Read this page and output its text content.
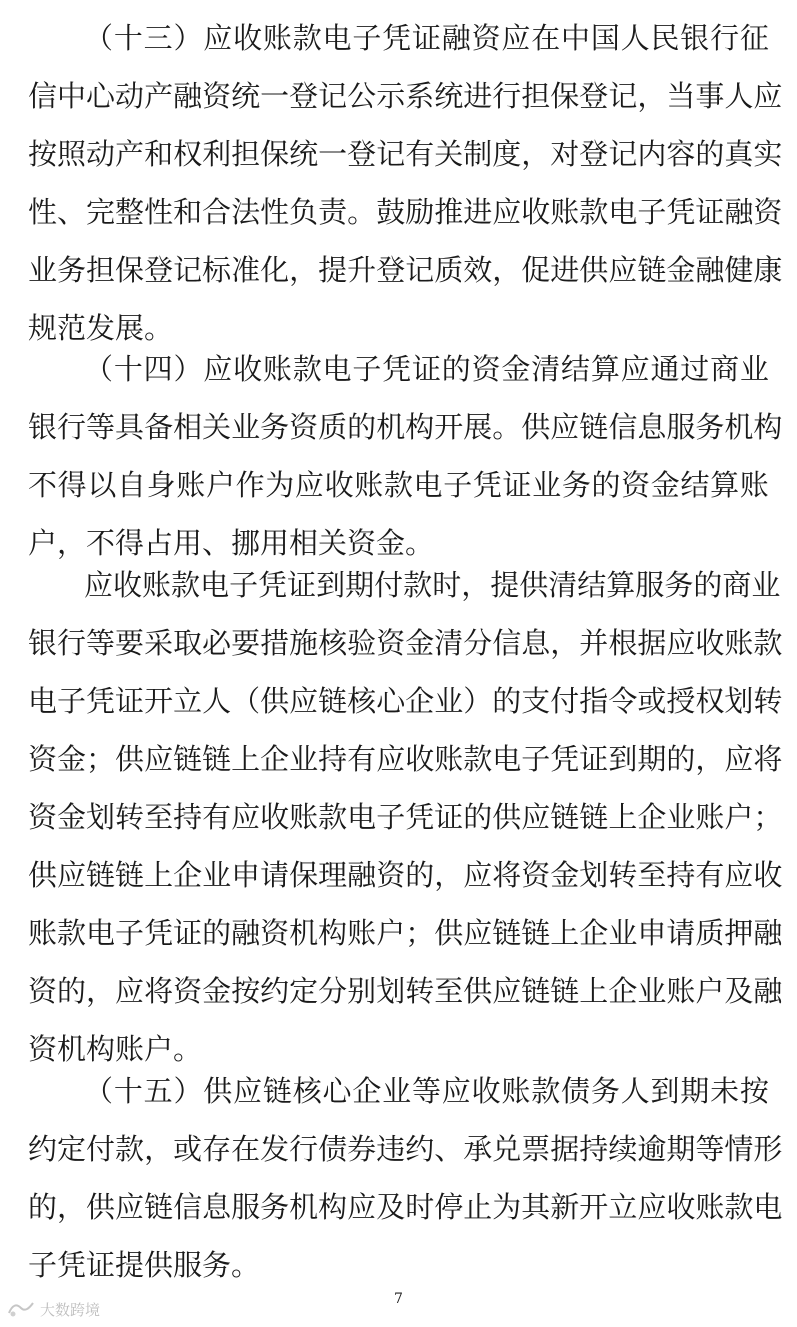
（ 十 三 ） 应 收 账 款 电 子 凭 证 融 资 应 在 中 国 人 民 银 行 征
信 中 心 动 产 融 资 统 一 登 记 公 示 系 统 进 行 担 保 登 记 ， 当 事 人 应
按 照 动 产 和 权 利 担 保 统 一 登 记 有 关 制 度 ， 对 登 记 内 容 的 真 实
性 、 完 整 性 和 合 法 性 负 责 。 鼓 励 推 进 应 收 账 款 电 子 凭 证 融 资
业 务 担 保 登 记 标 准 化 ， 提 升 登 记 质 效 ， 促 进 供 应 链 金 融 健 康
规范发展。
（ 十 四 ） 应 收 账 款 电 子 凭 证 的 资 金 清 结 算 应 通 过 商 业
银 行 等 具 备 相 关 业 务 资 质 的 机 构 开 展 。 供 应 链 信 息 服 务 机 构
不 得 以 自 身 账 户 作 为 应 收 账 款 电 子 凭 证 业 务 的 资 金 结 算 账
户，不得占用、挪用相关资金。
应 收 账 款 电 子 凭 证 到 期 付 款 时 ， 提 供 清 结 算 服 务 的 商 业
银 行 等 要 采 取 必 要 措 施 核 验 资 金 清 分 信 息 ， 并 根 据 应 收 账 款
电 子 凭 证 开 立 人 （ 供 应 链 核 心 企 业 ） 的 支 付 指 令 或 授 权 划 转
资 金 ； 供 应 链 链 上 企 业 持 有 应 收 账 款 电 子 凭 证 到 期 的 ， 应 将
资 金 划 转 至 持 有 应 收 账 款 电 子 凭 证 的 供 应 链 链 上 企 业 账 户 ；
供 应 链 链 上 企 业 申 请 保 理 融 资 的 ， 应 将 资 金 划 转 至 持 有 应 收
账 款 电 子 凭 证 的 融 资 机 构 账 户 ； 供 应 链 链 上 企 业 申 请 质 押 融
资 的 ， 应 将 资 金 按 约 定 分 别 划 转 至 供 应 链 链 上 企 业 账 户 及 融
资机构账户。
（ 十 五 ） 供 应 链 核 心 企 业 等 应 收 账 款 债 务 人 到 期 未 按
约 定 付 款 ， 或 存 在 发 行 债 券 违 约 、 承 兑 票 据 持 续 逾 期 等 情 形
的 ， 供 应 链 信 息 服 务 机 构 应 及 时 停 止 为 其 新 开 立 应 收 账 款 电
子凭证提供服务。
7
大数跨境
